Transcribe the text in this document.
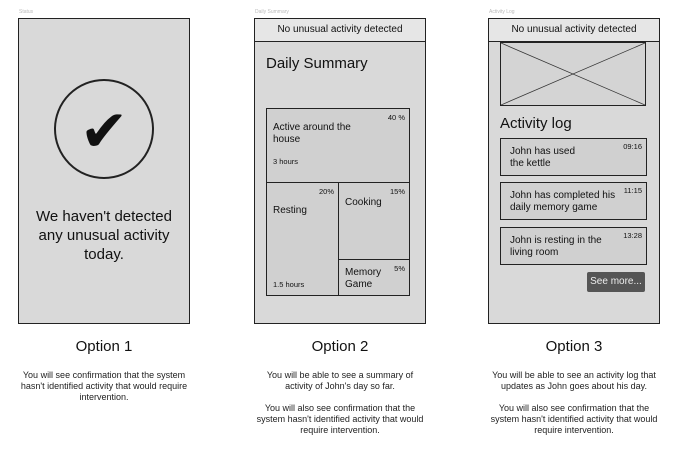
Status	Daily Summary	Activity Log
✔
We haven't detected any unusual activity today.
No unusual activity detected
Daily Summary
Active around the house
40 %
3 hours
Resting
20%
1.5 hours
Cooking
15%
Memory Game
5%
No unusual activity detected
Activity log
John has used the kettle
09:16
John has completed his daily memory game
11:15
John is resting in the living room
13:28
See more...
Option 1	Option 2	Option 3

You will see confirmation that the system hasn't identified activity that would require intervention.

You will be able to see a summary of activity of John's day so far.

You will also see confirmation that the system hasn't identified activity that would require intervention.

You will be able to see an activity log that updates as John goes about his day.

You will also see confirmation that the system hasn't identified activity that would require intervention.
